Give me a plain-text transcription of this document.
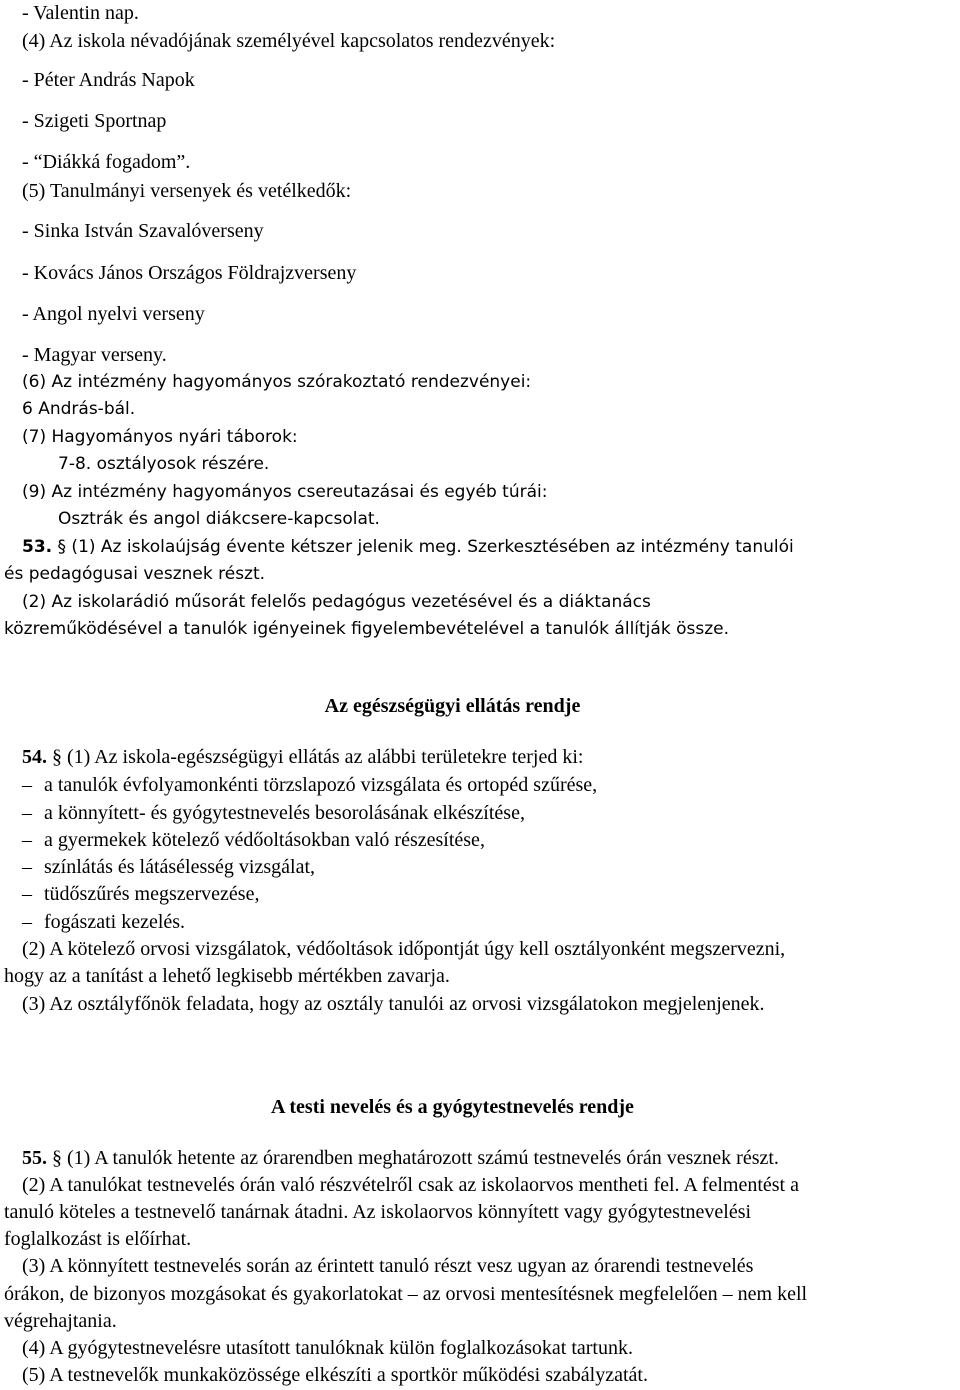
- Valentin nap.
(4) Az iskola névadójának személyével kapcsolatos rendezvények:
- Péter András Napok
- Szigeti Sportnap
- “Diákká fogadom”.
(5) Tanulmányi versenyek és vetélkedők:
- Sinka István Szavalóverseny
- Kovács János Országos Földrajzverseny
- Angol nyelvi verseny
- Magyar verseny.
(6) Az intézmény hagyományos szórakoztató rendezvényei:
6 András-bál.
(7) Hagyományos nyári táborok:
7-8. osztályosok részére.
(9) Az intézmény hagyományos csereutazásai és egyéb túrái:
Osztrák és angol diákcsere-kapcsolat.
53. § (1) Az iskolaújság évente kétszer jelenik meg. Szerkesztésében az intézmény tanulói
és pedagógusai vesznek részt.
(2) Az iskolarádió műsorát felelős pedagógus vezetésével és a diáktanács
közreműködésével a tanulók igényeinek figyelembevételével a tanulók állítják össze.
Az egészségügyi ellátás rendje
54. § (1) Az iskola-egészségügyi ellátás az alábbi területekre terjed ki:
– a tanulók évfolyamonkénti törzslapozó vizsgálata és ortopéd szűrése,
– a könnyített- és gyógytestnevelés besorolásának elkészítése,
– a gyermekek kötelező védőoltásokban való részesítése,
– színlátás és látásélesség vizsgálat,
– tüdőszűrés megszervezése,
– fogászati kezelés.
(2) A kötelező orvosi vizsgálatok, védőoltások időpontját úgy kell osztályonként megszervezni,
hogy az a tanítást a lehető legkisebb mértékben zavarja.
(3) Az osztályfőnök feladata, hogy az osztály tanulói az orvosi vizsgálatokon megjelenjenek.
A testi nevelés és a gyógytestnevelés rendje
55. § (1) A tanulók hetente az órarendben meghatározott számú testnevelés órán vesznek részt.
(2) A tanulókat testnevelés órán való részvételről csak az iskolaorvos mentheti fel. A felmentést a
tanuló köteles a testnevelő tanárnak átadni. Az iskolaorvos könnyített vagy gyógytestnevelési
foglalkozást is előírhat.
(3) A könnyített testnevelés során az érintett tanuló részt vesz ugyan az órarendi testnevelés
órákon, de bizonyos mozgásokat és gyakorlatokat – az orvosi mentesítésnek megfelelően – nem kell
végrehajtania.
(4) A gyógytestnevelésre utasított tanulóknak külön foglalkozásokat tartunk.
(5) A testnevelők munkaközössége elkészíti a sportkör működési szabályzatát.
